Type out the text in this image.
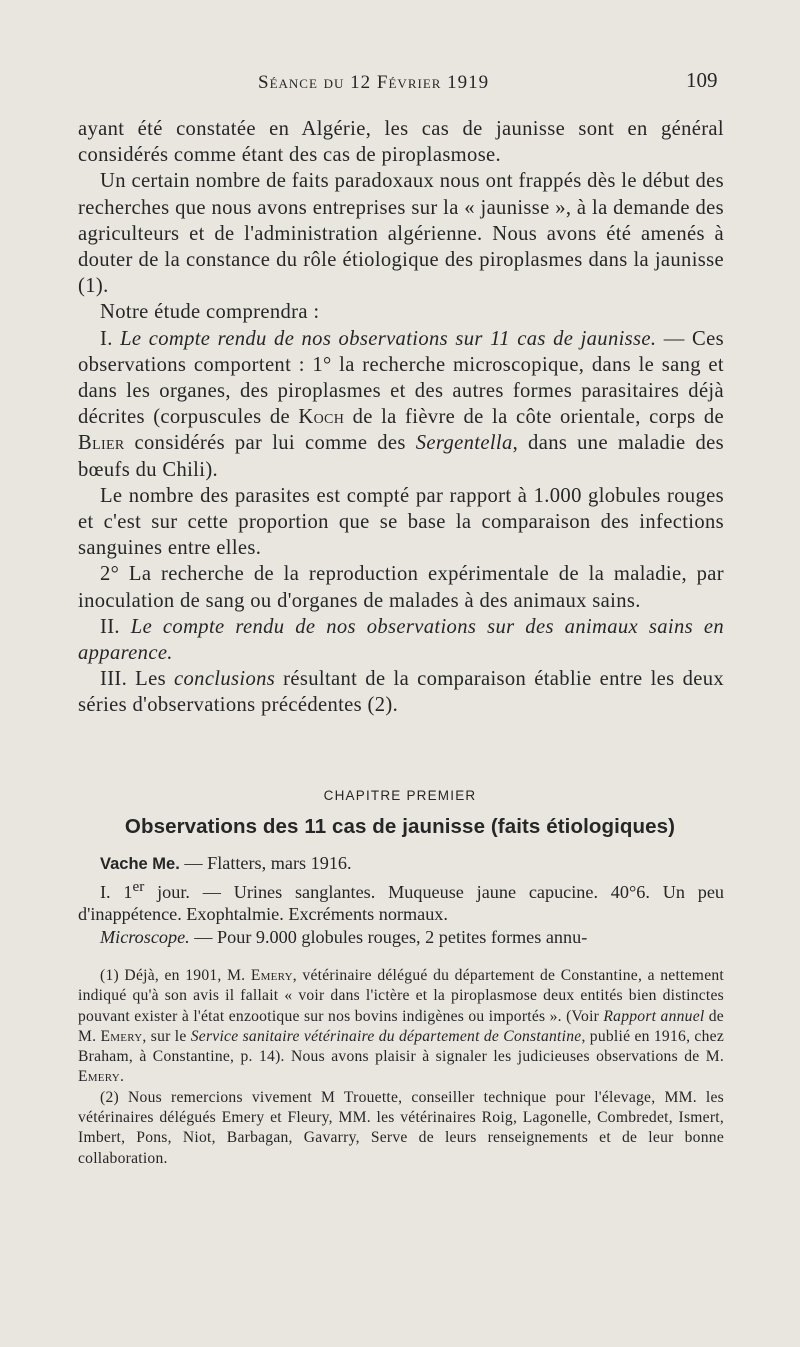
Séance du 12 Février 1919	109

ayant été constatée en Algérie, les cas de jaunisse sont en général considérés comme étant des cas de piroplasmose.

Un certain nombre de faits paradoxaux nous ont frappés dès le début des recherches que nous avons entreprises sur la « jaunisse », à la demande des agriculteurs et de l'administration algérienne. Nous avons été amenés à douter de la constance du rôle étiologique des piroplasmes dans la jaunisse (1).

Notre étude comprendra :

I. Le compte rendu de nos observations sur 11 cas de jaunisse. — Ces observations comportent : 1° la recherche microscopique, dans le sang et dans les organes, des piroplasmes et des autres formes parasitaires déjà décrites (corpuscules de Koch de la fièvre de la côte orientale, corps de Blier considérés par lui comme des Sergentella, dans une maladie des bœufs du Chili).

Le nombre des parasites est compté par rapport à 1.000 globules rouges et c'est sur cette proportion que se base la comparaison des infections sanguines entre elles.

2° La recherche de la reproduction expérimentale de la maladie, par inoculation de sang ou d'organes de malades à des animaux sains.

II. Le compte rendu de nos observations sur des animaux sains en apparence.

III. Les conclusions résultant de la comparaison établie entre les deux séries d'observations précédentes (2).

CHAPITRE PREMIER
Observations des 11 cas de jaunisse (faits étiologiques)

Vache Me. — Flatters, mars 1916.

I. 1er jour. — Urines sanglantes. Muqueuse jaune capucine. 40°6. Un peu d'inappétence. Exophtalmie. Excréments normaux.

Microscope. — Pour 9.000 globules rouges, 2 petites formes annu-

(1) Déjà, en 1901, M. Emery, vétérinaire délégué du département de Constantine, a nettement indiqué qu'à son avis il fallait « voir dans l'ictère et la piroplasmose deux entités bien distinctes pouvant exister à l'état enzootique sur nos bovins indigènes ou importés ». (Voir Rapport annuel de M. Emery, sur le Service sanitaire vétérinaire du département de Constantine, publié en 1916, chez Braham, à Constantine, p. 14). Nous avons plaisir à signaler les judicieuses observations de M. Emery.

(2) Nous remercions vivement M Trouette, conseiller technique pour l'élevage, MM. les vétérinaires délégués Emery et Fleury, MM. les vétérinaires Roig, Lagonelle, Combredet, Ismert, Imbert, Pons, Niot, Barbagan, Gavarry, Serve de leurs renseignements et de leur bonne collaboration.
